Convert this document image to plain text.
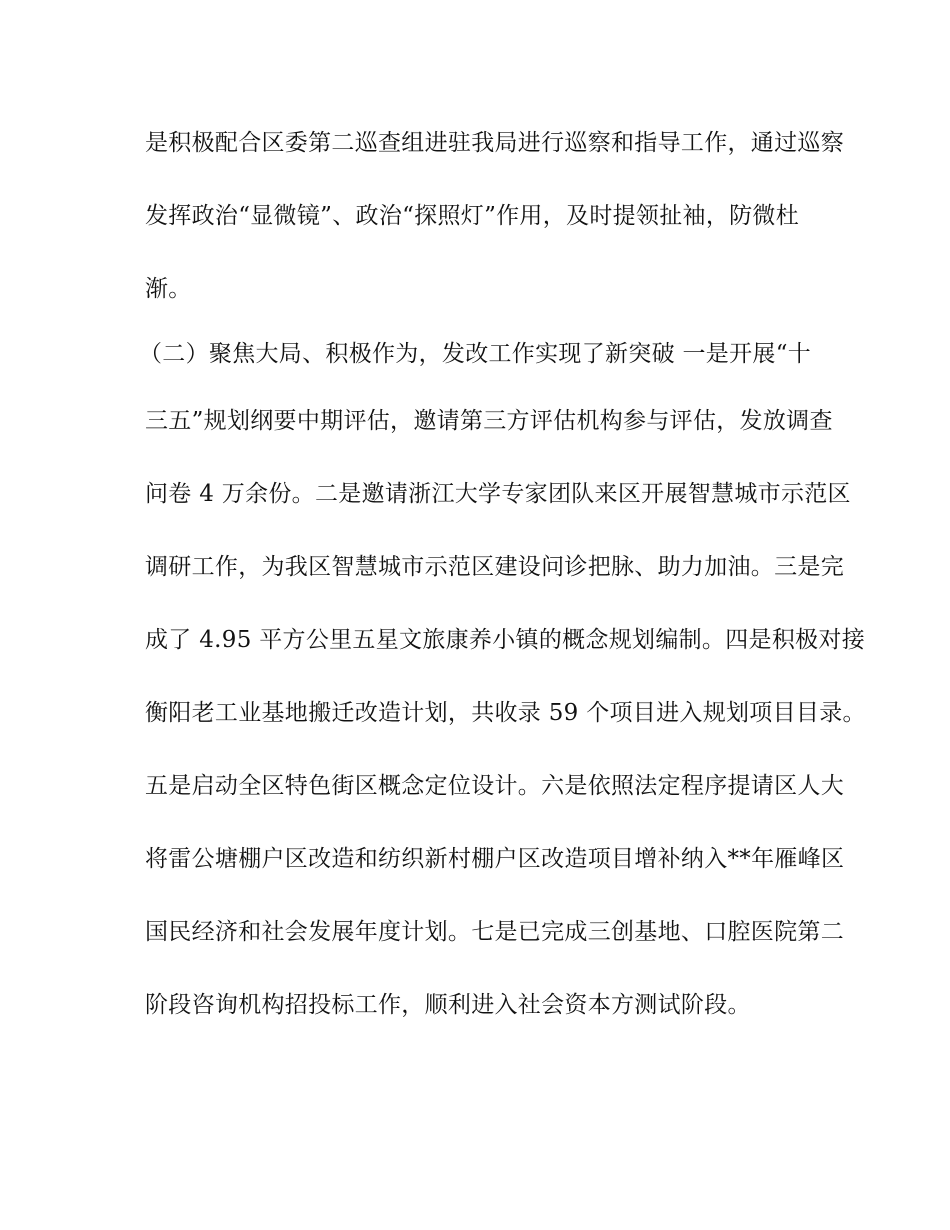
是积极配合区委第二巡查组进驻我局进行巡察和指导工作，通过巡察
发挥政治“显微镜”、政治“探照灯”作用，及时提领扯袖，防微杜
渐。
（二）聚焦大局、积极作为，发改工作实现了新突破 一是开展“十
三五”规划纲要中期评估，邀请第三方评估机构参与评估，发放调查
问卷 4 万余份。二是邀请浙江大学专家团队来区开展智慧城市示范区
调研工作，为我区智慧城市示范区建设问诊把脉、助力加油。三是完
成了 4.95 平方公里五星文旅康养小镇的概念规划编制。四是积极对接
衡阳老工业基地搬迁改造计划，共收录 59 个项目进入规划项目目录。
五是启动全区特色街区概念定位设计。六是依照法定程序提请区人大
将雷公塘棚户区改造和纺织新村棚户区改造项目增补纳入**年雁峰区
国民经济和社会发展年度计划。七是已完成三创基地、口腔医院第二
阶段咨询机构招投标工作，顺利进入社会资本方测试阶段。
